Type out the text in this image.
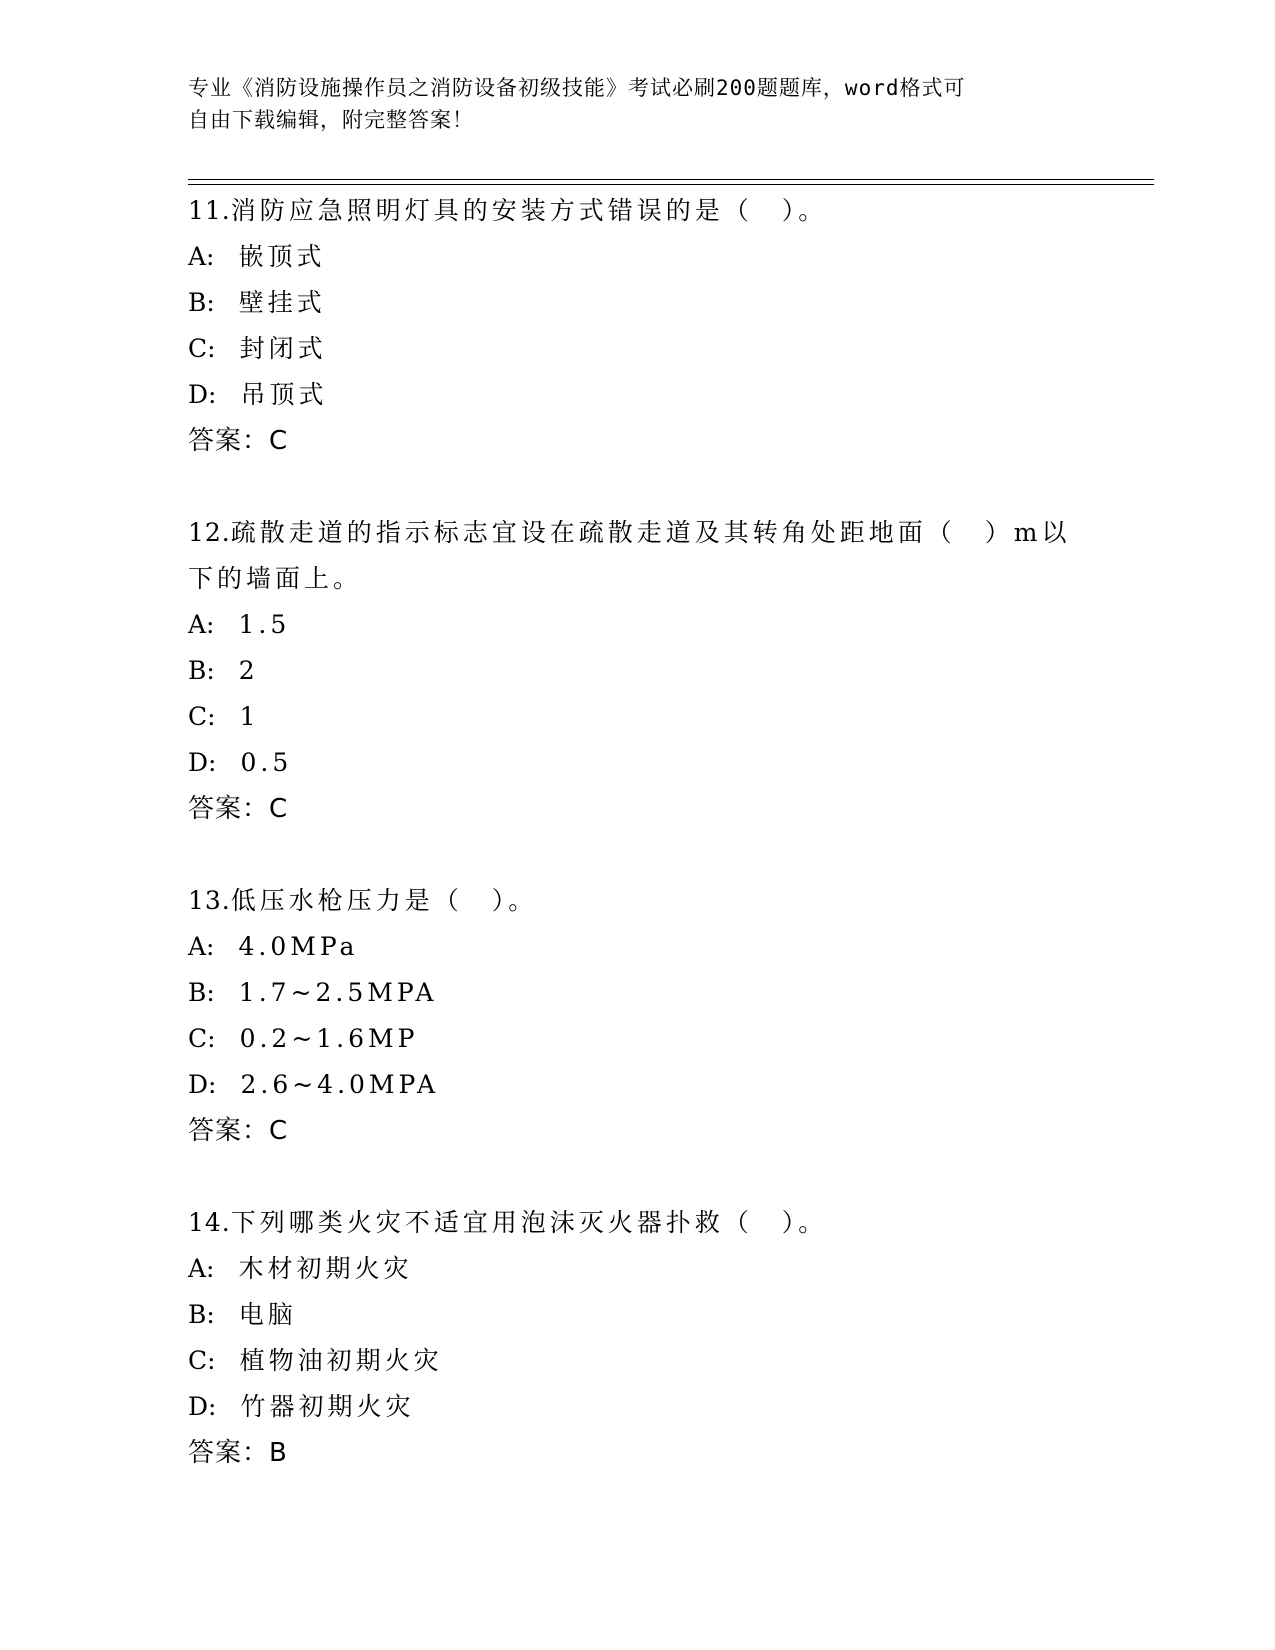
专业《消防设施操作员之消防设备初级技能》考试必刷200题题库，word格式可
自由下载编辑，附完整答案！
11.消防应急照明灯具的安装方式错误的是（　）。
A: 嵌顶式
B: 壁挂式
C: 封闭式
D: 吊顶式
答案：C
12.疏散走道的指示标志宜设在疏散走道及其转角处距地面（　）m以
下的墙面上。
A: 1.5
B: 2
C: 1
D: 0.5
答案：C
13.低压水枪压力是（　）。
A: 4.0MPa
B: 1.7~2.5MPA
C: 0.2~1.6MP
D: 2.6~4.0MPA
答案：C
14.下列哪类火灾不适宜用泡沫灭火器扑救（　）。
A: 木材初期火灾
B: 电脑
C: 植物油初期火灾
D: 竹器初期火灾
答案：B
